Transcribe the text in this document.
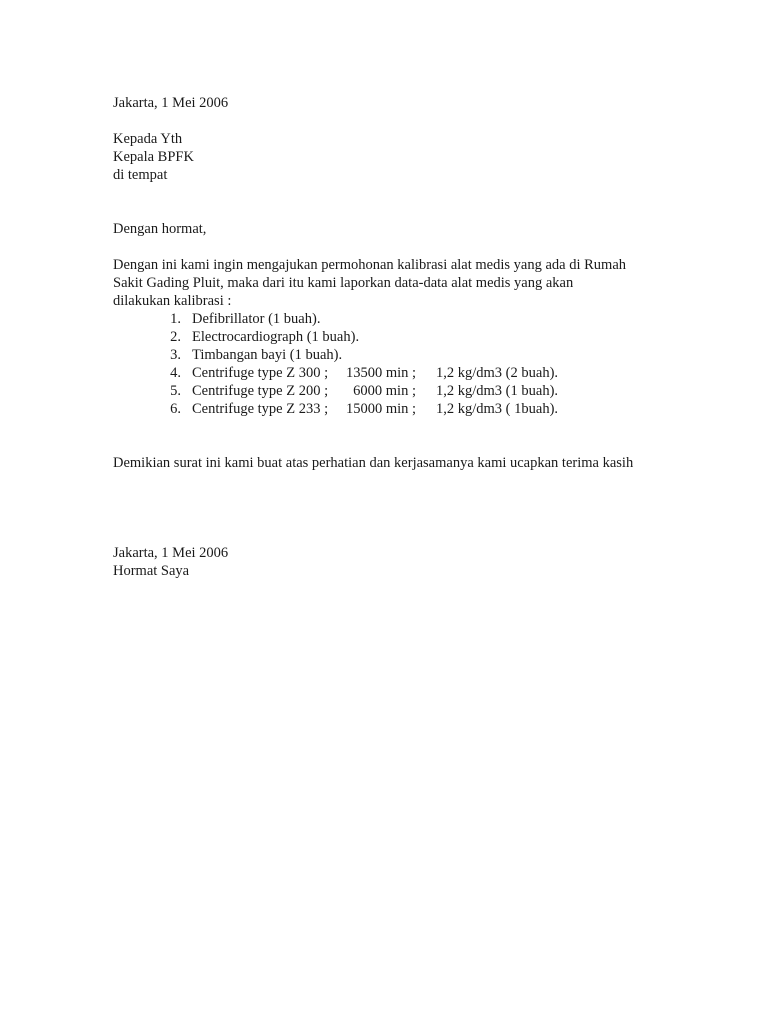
Jakarta, 1 Mei 2006
Kepada Yth
Kepala BPFK
di tempat
Dengan hormat,
Dengan ini kami ingin mengajukan permohonan kalibrasi alat medis yang ada di Rumah
Sakit Gading Pluit, maka dari itu kami laporkan data-data alat medis yang akan
dilakukan kalibrasi :
1. Defibrillator (1 buah).
2. Electrocardiograph (1 buah).
3. Timbangan bayi (1 buah).
4. Centrifuge type Z 300 ;	13500 min ;	1,2 kg/dm3 (2 buah).
5. Centrifuge type Z 200 ;	6000 min ;	1,2 kg/dm3 (1 buah).
6. Centrifuge type Z 233 ;	15000 min ;	1,2 kg/dm3 ( 1buah).
Demikian surat ini kami buat atas perhatian dan kerjasamanya kami ucapkan terima kasih
Jakarta, 1 Mei 2006
Hormat Saya
